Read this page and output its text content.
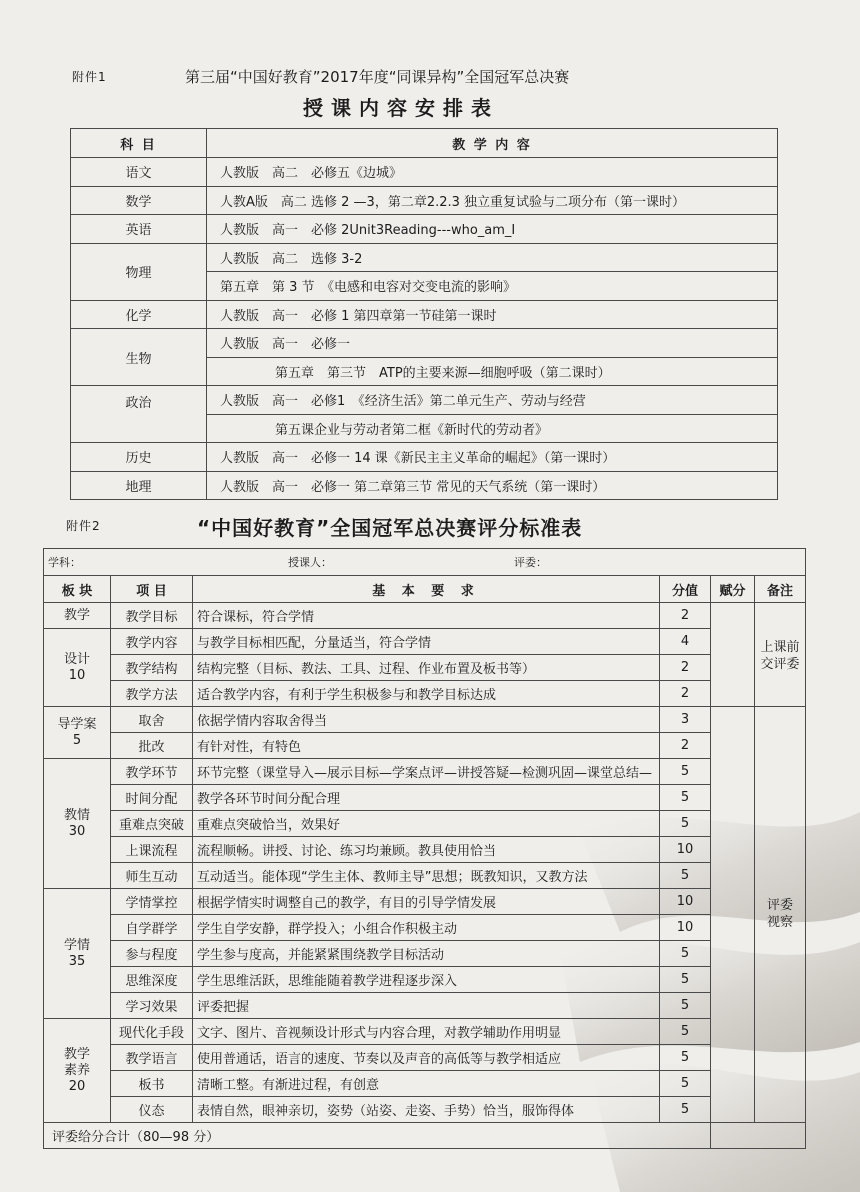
附件1	第三届“中国好教育”2017年度“同课异构”全国冠军总决赛
授课内容安排表
科 目	教 学 内 容
语文	人教版　高二　必修五《边城》
数学	人教A版　高二 选修 2 —3，第二章2.2.3 独立重复试验与二项分布（第一课时）
英语	人教版　高一　必修 2Unit3Reading---who_am_I
物理	人教版　高二　选修 3-2
	第五章　第 3 节　《电感和电容对交变电流的影响》
化学	人教版　高一　必修 1 第四章第一节硅第一课时
生物	人教版　高一　必修一
	第五章　第三节　ATP的主要来源—细胞呼吸（第二课时）
政治	人教版　高一　必修1　《经济生活》第二单元生产、劳动与经营
	第五课企业与劳动者第二框《新时代的劳动者》
历史	人教版　高一　必修一 14 课《新民主主义革命的崛起》（第一课时）
地理	人教版　高一　必修一 第二章第三节 常见的天气系统（第一课时）
附件2	“中国好教育”全国冠军总决赛评分标准表
学科： 授课人： 评委：					
板 块	项 目	基 本 要 求	分值	赋分	备注
教学	教学目标	符合课标，符合学情	2		上课前
交评委
设计
10	教学内容	与教学目标相匹配，分量适当，符合学情	4		
	教学结构	结构完整（目标、教法、工具、过程、作业布置及板书等）	2		
	教学方法	适合教学内容，有利于学生积极参与和教学目标达成	2		
导学案
5	取舍	依据学情内容取舍得当	3		评委
视察
	批改	有针对性，有特色	2		
教情
30	教学环节	环节完整（课堂导入—展示目标—学案点评—讲授答疑—检测巩固—课堂总结—	5		
	时间分配	教学各环节时间分配合理	5		
	重难点突破	重难点突破恰当，效果好	5		
	上课流程	流程顺畅。讲授、讨论、练习均兼顾。教具使用恰当	10		
	师生互动	互动适当。能体现“学生主体、教师主导”思想；既教知识，又教方法	5		
学情
35	学情掌控	根据学情实时调整自己的教学，有目的引导学情发展	10		
	自学群学	学生自学安静，群学投入；小组合作积极主动	10		
	参与程度	学生参与度高，并能紧紧围绕教学目标活动	5		
	思维深度	学生思维活跃，思维能随着教学进程逐步深入	5		
	学习效果	评委把握	5		
教学
素养
20	现代化手段	文字、图片、音视频设计形式与内容合理，对教学辅助作用明显	5		
	教学语言	使用普通话，语言的速度、节奏以及声音的高低等与教学相适应	5		
	板书	清晰工整。有渐进过程，有创意	5		
	仪态	表情自然，眼神亲切，姿势（站姿、走姿、手势）恰当，服饰得体	5		
评委给分合计（80—98 分）					
